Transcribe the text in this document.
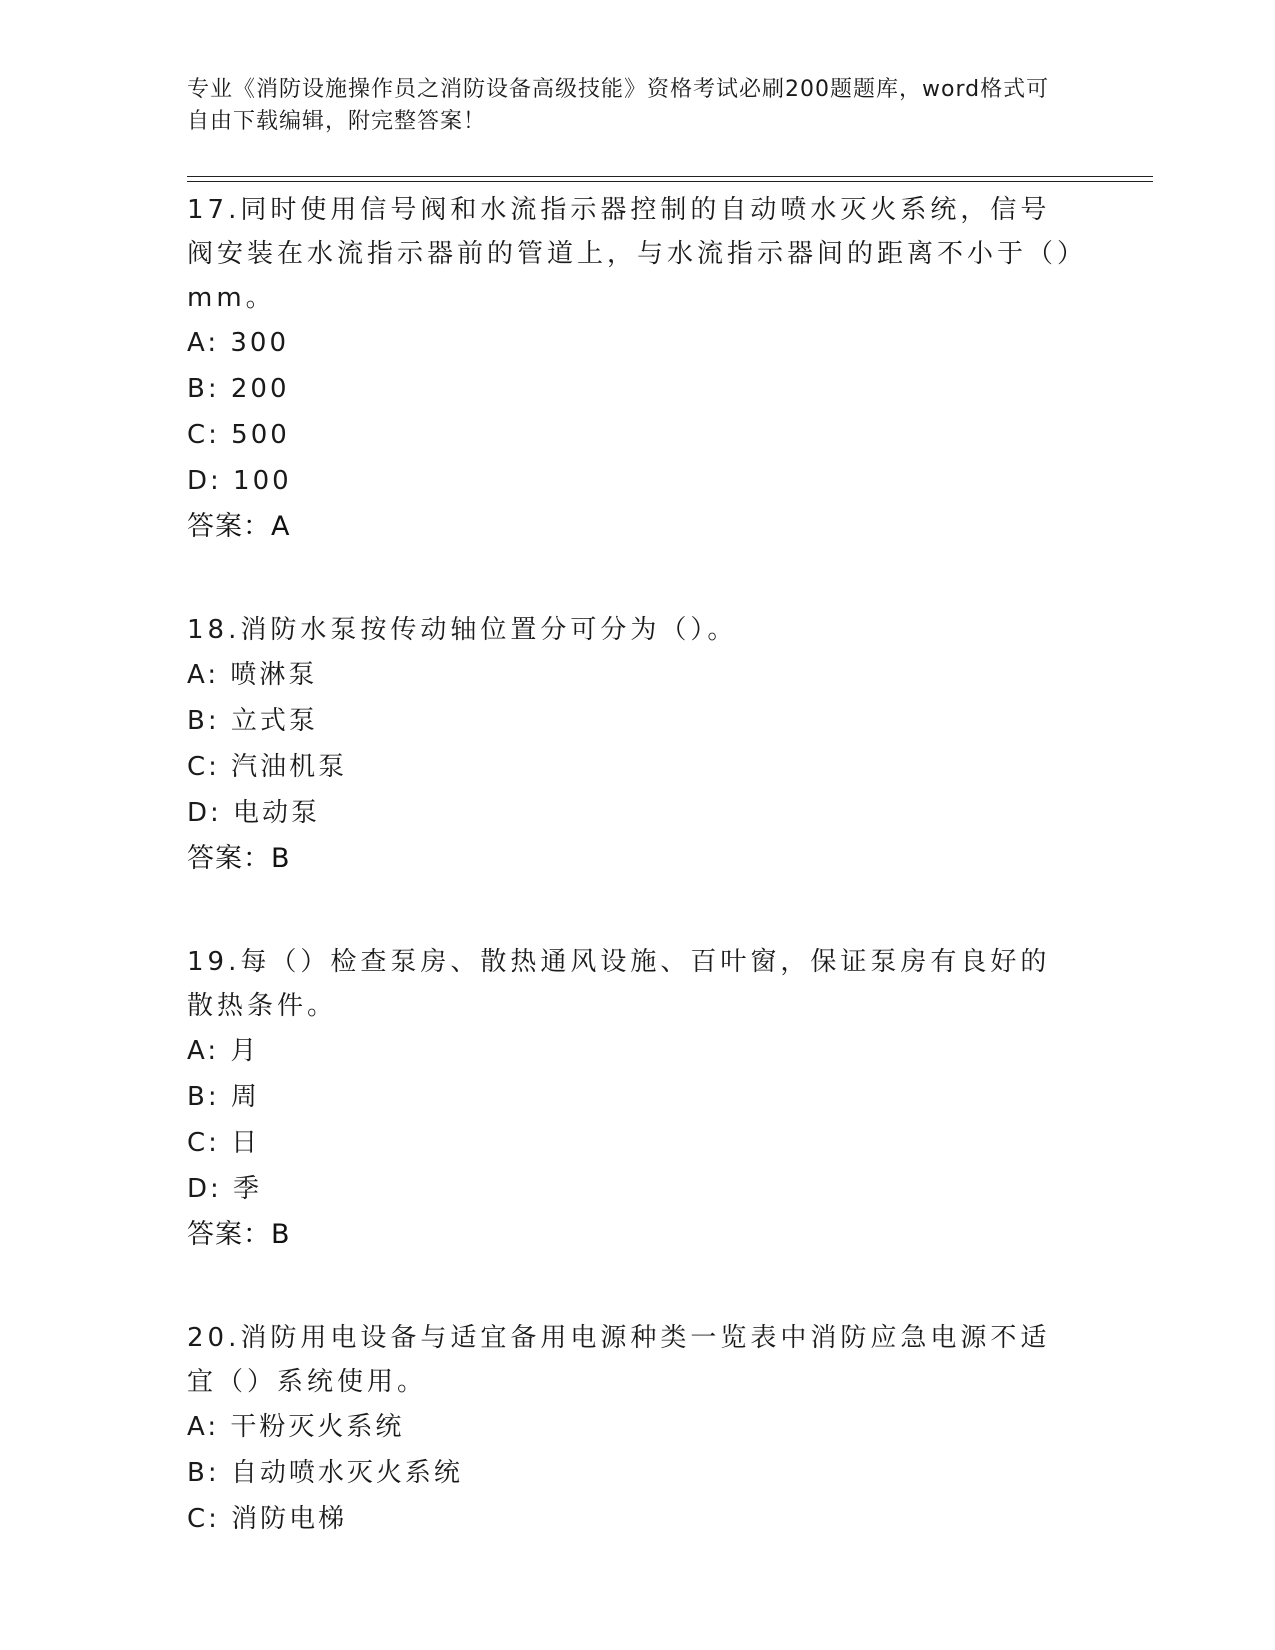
专业《消防设施操作员之消防设备高级技能》资格考试必刷200题题库，word格式可自由下载编辑，附完整答案！
17.同时使用信号阀和水流指示器控制的自动喷水灭火系统，信号阀安装在水流指示器前的管道上，与水流指示器间的距离不小于（）mm。
A: 300
B: 200
C: 500
D: 100
答案：A
18.消防水泵按传动轴位置分可分为（）。
A: 喷淋泵
B: 立式泵
C: 汽油机泵
D: 电动泵
答案：B
19.每（）检查泵房、散热通风设施、百叶窗，保证泵房有良好的散热条件。
A: 月
B: 周
C: 日
D: 季
答案：B
20.消防用电设备与适宜备用电源种类一览表中消防应急电源不适宜（）系统使用。
A: 干粉灭火系统
B: 自动喷水灭火系统
C: 消防电梯
